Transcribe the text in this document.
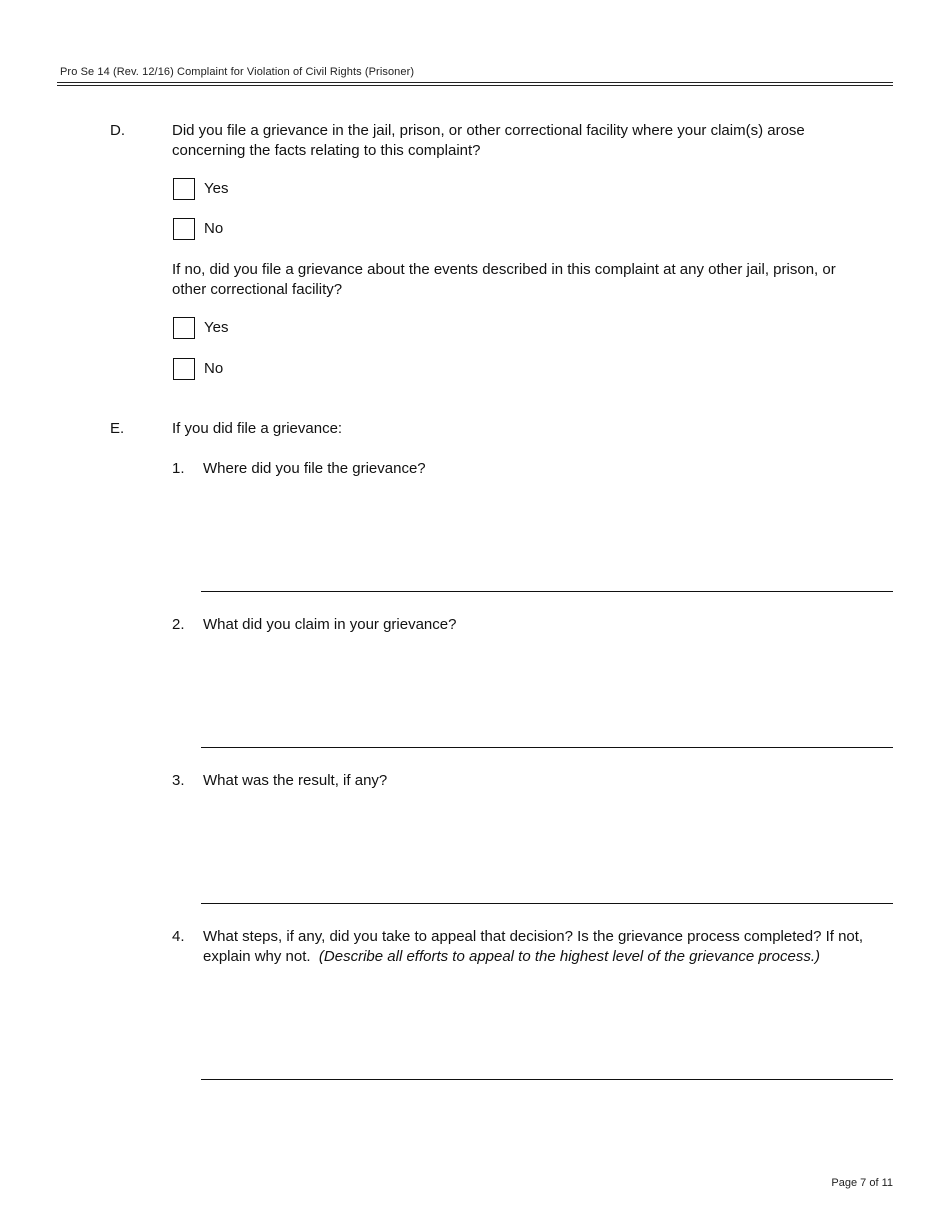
Pro Se 14 (Rev. 12/16) Complaint for Violation of Civil Rights (Prisoner)
D.	Did you file a grievance in the jail, prison, or other correctional facility where your claim(s) arose concerning the facts relating to this complaint?
Yes
No
If no, did you file a grievance about the events described in this complaint at any other jail, prison, or other correctional facility?
Yes
No
E.	If you did file a grievance:
1. Where did you file the grievance?
2. What did you claim in your grievance?
3. What was the result, if any?
4. What steps, if any, did you take to appeal that decision? Is the grievance process completed? If not, explain why not. (Describe all efforts to appeal to the highest level of the grievance process.)
Page 7 of 11
